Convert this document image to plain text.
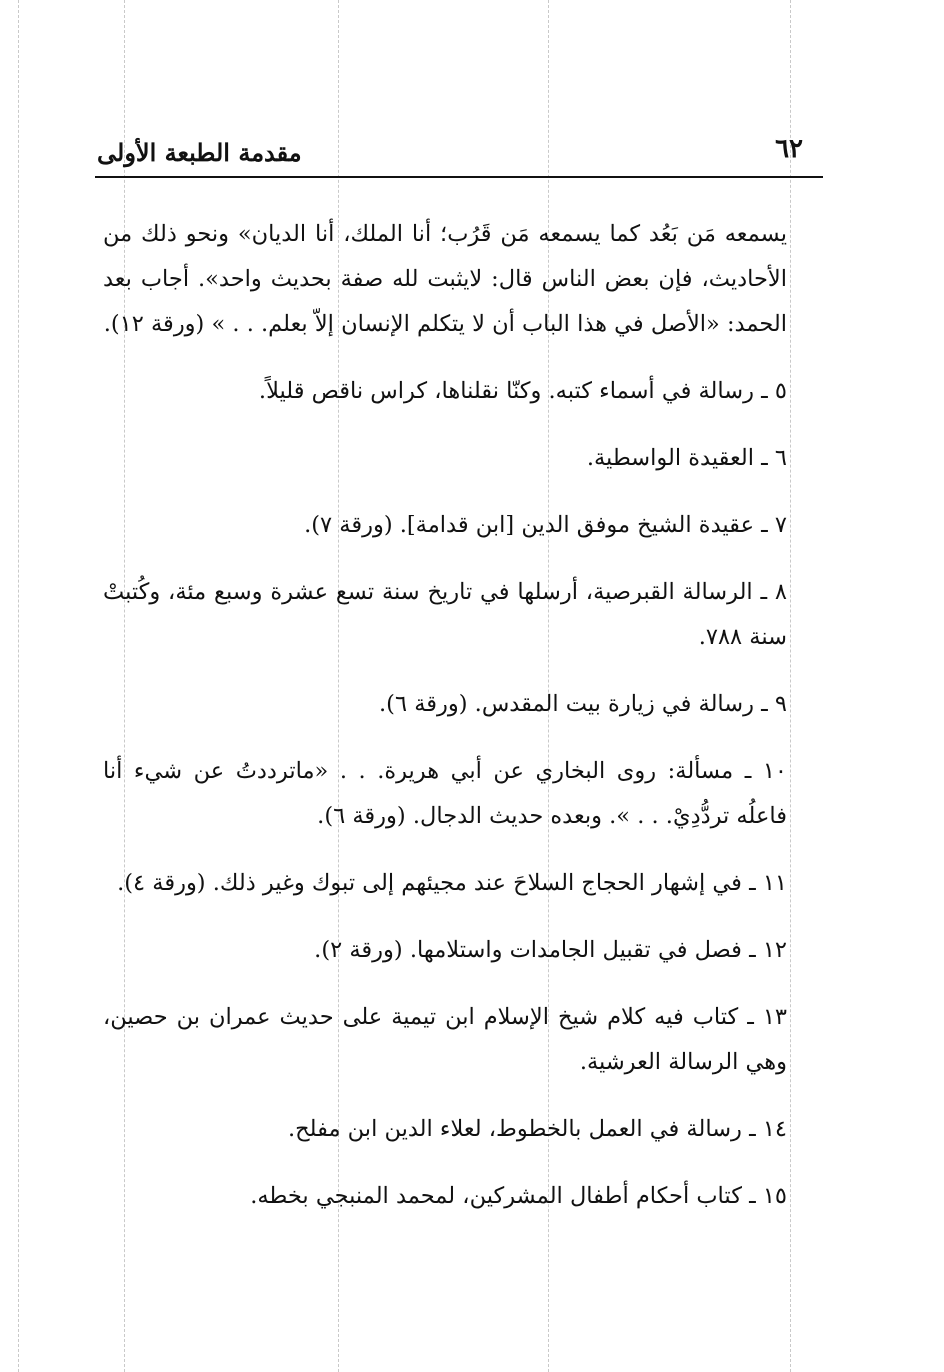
مقدمة الطبعة الأولى	٦٢

يسمعه مَن بَعُد كما يسمعه مَن قَرُب؛ أنا الملك، أنا الديان» ونحو ذلك من الأحاديث، فإن بعض الناس قال: لايثبت لله صفة بحديث واحد». أجاب بعد الحمد: «الأصل في هذا الباب أن لا يتكلم الإنسان إلاّ بعلم. . . » (ورقة ١٢).

٥ ـ رسالة في أسماء كتبه. وكنّا نقلناها، كراس ناقص قليلاً.
٦ ـ العقيدة الواسطية.
٧ ـ عقيدة الشيخ موفق الدين [ابن قدامة]. (ورقة ٧).
٨ ـ الرسالة القبرصية، أرسلها في تاريخ سنة تسع عشرة وسبع مئة، وكُتبتْ سنة ٧٨٨.
٩ ـ رسالة في زيارة بيت المقدس. (ورقة ٦).
١٠ ـ مسألة: روى البخاري عن أبي هريرة. . . «ماترددتُ عن شيء أنا فاعلُه تردُّدِيْ. . . ». وبعده حديث الدجال. (ورقة ٦).
١١ ـ في إشهار الحجاج السلاحَ عند مجيئهم إلى تبوك وغير ذلك. (ورقة ٤).
١٢ ـ فصل في تقبيل الجامدات واستلامها. (ورقة ٢).
١٣ ـ كتاب فيه كلام شيخ الإسلام ابن تيمية على حديث عمران بن حصين، وهي الرسالة العرشية.
١٤ ـ رسالة في العمل بالخطوط، لعلاء الدين ابن مفلح.
١٥ ـ كتاب أحكام أطفال المشركين، لمحمد المنبجي بخطه.
